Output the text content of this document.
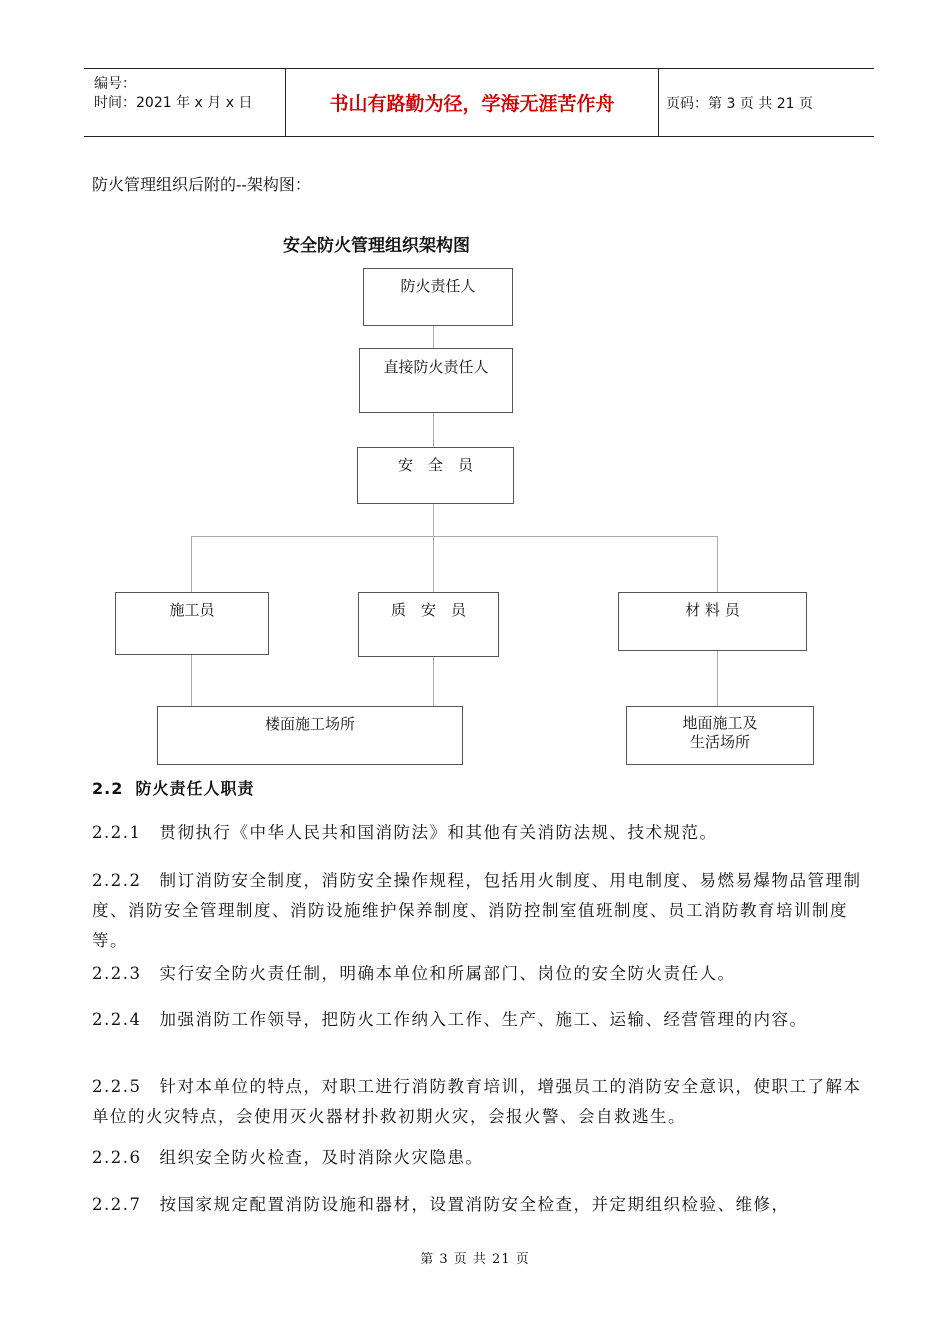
编号：
时间：2021 年 x 月 x 日	书山有路勤为径，学海无涯苦作舟	页码：第 3 页 共 21 页
防火管理组织后附的--架构图：
安全防火管理组织架构图
防火责任人
直接防火责任人
安　全　员
施工员	质　安　员	材 料 员
楼面施工场所	地面施工及
生活场所
2.2 防火责任人职责
2.2.1　贯彻执行《中华人民共和国消防法》和其他有关消防法规、技术规范。
2.2.2　制订消防安全制度，消防安全操作规程，包括用火制度、用电制度、易燃易爆物品管理制度、消防安全管理制度、消防设施维护保养制度、消防控制室值班制度、员工消防教育培训制度等。
2.2.3　实行安全防火责任制，明确本单位和所属部门、岗位的安全防火责任人。
2.2.4　加强消防工作领导，把防火工作纳入工作、生产、施工、运输、经营管理的内容。
2.2.5　针对本单位的特点，对职工进行消防教育培训，增强员工的消防安全意识，使职工了解本单位的火灾特点，会使用灭火器材扑救初期火灾，会报火警、会自救逃生。
2.2.6　组织安全防火检查，及时消除火灾隐患。
2.2.7　按国家规定配置消防设施和器材，设置消防安全检查，并定期组织检验、维修，
第 3 页 共 21 页
